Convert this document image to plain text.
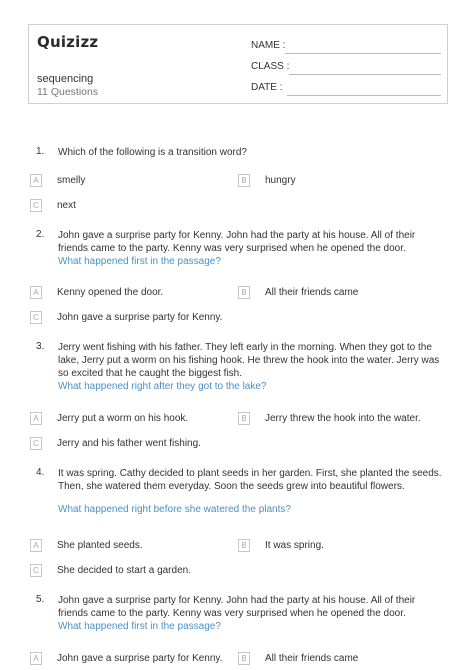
Quizizz
sequencing
11 Questions
NAME :
CLASS :
DATE :
1. Which of the following is a transition word?
A	smelly	B	hungry
C	next
2. John gave a surprise party for Kenny. John had the party at his house. All of their friends came to the party. Kenny was very surprised when he opened the door.
What happened first in the passage?
A	Kenny opened the door.	B	All their friends came
C	John gave a surprise party for Kenny.
3. Jerry went fishing with his father. They left early in the morning. When they got to the lake, Jerry put a worm on his fishing hook. He threw the hook into the water. Jerry was so excited that he caught the biggest fish.
What happened right after they got to the lake?
A	Jerry put a worm on his hook.	B	Jerry threw the hook into the water.
C	Jerry and his father went fishing.
4. It was spring. Cathy decided to plant seeds in her garden. First, she planted the seeds. Then, she watered them everyday. Soon the seeds grew into beautiful flowers.
What happened right before she watered the plants?
A	She planted seeds.	B	It was spring.
C	She decided to start a garden.
5. John gave a surprise party for Kenny. John had the party at his house. All of their friends came to the party. Kenny was very surprised when he opened the door.
What happened first in the passage?
A	John gave a surprise party for Kenny.	B	All their friends came
